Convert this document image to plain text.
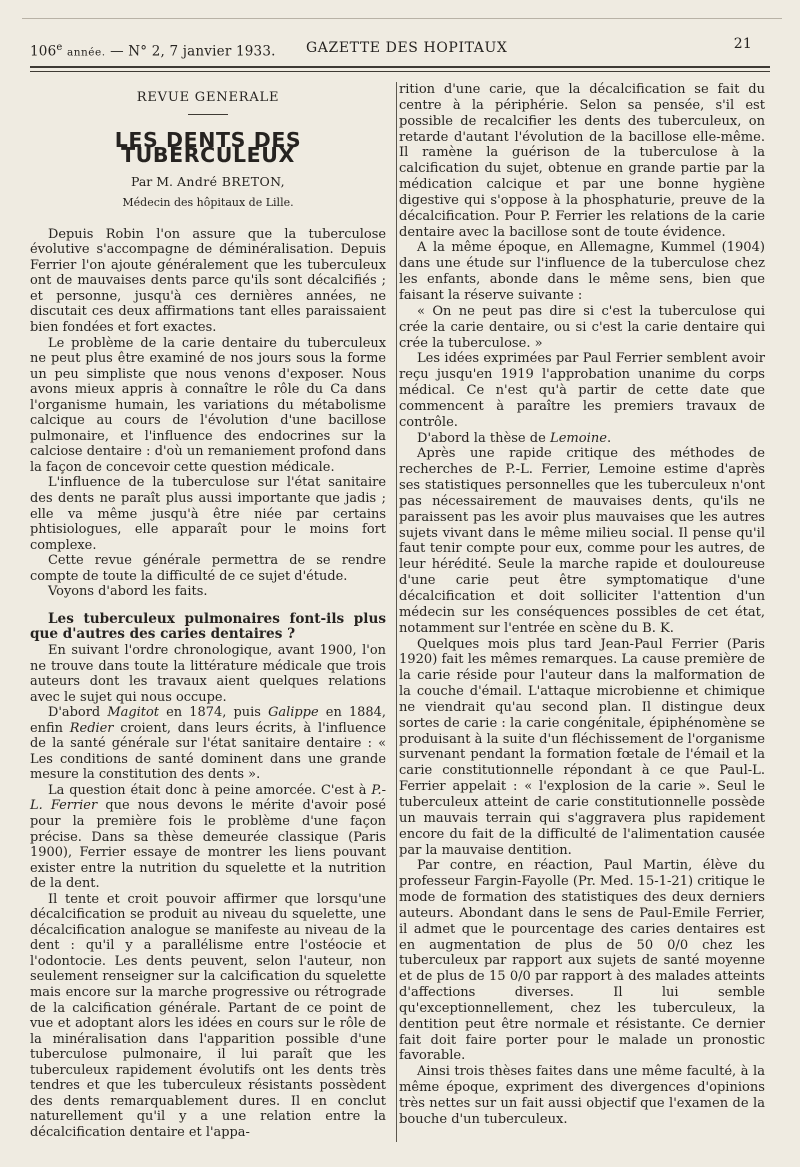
106e année. — N° 2, 7 janvier 1933. GAZETTE DES HOPITAUX	21
REVUE GENERALE
LES DENTS DES TUBERCULEUX
Par M. André BRETON,
Médecin des hôpitaux de Lille.

Depuis Robin l'on assure que la tuberculose évolutive s'accompagne de déminéralisation. Depuis Ferrier l'on ajoute généralement que les tuberculeux ont de mauvaises dents parce qu'ils sont décalcifiés ; et personne, jusqu'à ces dernières années, ne discutait ces deux affirmations tant elles paraissaient bien fondées et fort exactes.

Le problème de la carie dentaire du tuberculeux ne peut plus être examiné de nos jours sous la forme un peu simpliste que nous venons d'exposer. Nous avons mieux appris à connaître le rôle du Ca dans l'organisme humain, les variations du métabolisme calcique au cours de l'évolution d'une bacillose pulmonaire, et l'influence des endocrines sur la calciose dentaire : d'où un remaniement profond dans la façon de concevoir cette question médicale.

L'influence de la tuberculose sur l'état sanitaire des dents ne paraît plus aussi importante que jadis ; elle va même jusqu'à être niée par certains phtisiologues, elle apparaît pour le moins fort complexe.

Cette revue générale permettra de se rendre compte de toute la difficulté de ce sujet d'étude.

Voyons d'abord les faits.

Les tuberculeux pulmonaires font-ils plus que d'autres des caries dentaires ?

En suivant l'ordre chronologique, avant 1900, l'on ne trouve dans toute la littérature médicale que trois auteurs dont les travaux aient quelques relations avec le sujet qui nous occupe.

D'abord Magitot en 1874, puis Galippe en 1884, enfin Redier croient, dans leurs écrits, à l'influence de la santé générale sur l'état sanitaire dentaire : « Les conditions de santé dominent dans une grande mesure la constitution des dents ».

La question était donc à peine amorcée. C'est à P.-L. Ferrier que nous devons le mérite d'avoir posé pour la première fois le problème d'une façon précise. Dans sa thèse demeurée classique (Paris 1900), Ferrier essaye de montrer les liens pouvant exister entre la nutrition du squelette et la nutrition de la dent.

Il tente et croit pouvoir affirmer que lorsqu'une décalcification se produit au niveau du squelette, une décalcification analogue se manifeste au niveau de la dent : qu'il y a parallélisme entre l'ostéocie et l'odontocie. Les dents peuvent, selon l'auteur, non seulement renseigner sur la calcification du squelette mais encore sur la marche progressive ou rétrograde de la calcification générale. Partant de ce point de vue et adoptant alors les idées en cours sur le rôle de la minéralisation dans l'apparition possible d'une tuberculose pulmonaire, il lui paraît que les tuberculeux rapidement évolutifs ont les dents très tendres et que les tuberculeux résistants possèdent des dents remarquablement dures. Il en conclut naturellement qu'il y a une relation entre la décalcification dentaire et l'appa-

rition d'une carie, que la décalcification se fait du centre à la périphérie. Selon sa pensée, s'il est possible de recalcifier les dents des tuberculeux, on retarde d'autant l'évolution de la bacillose elle-même. Il ramène la guérison de la tuberculose à la calcification du sujet, obtenue en grande partie par la médication calcique et par une bonne hygiène digestive qui s'oppose à la phosphaturie, preuve de la décalcification. Pour P. Ferrier les relations de la carie dentaire avec la bacillose sont de toute évidence.

A la même époque, en Allemagne, Kummel (1904) dans une étude sur l'influence de la tuberculose chez les enfants, abonde dans le même sens, bien que faisant la réserve suivante :

« On ne peut pas dire si c'est la tuberculose qui crée la carie dentaire, ou si c'est la carie dentaire qui crée la tuberculose. »

Les idées exprimées par Paul Ferrier semblent avoir reçu jusqu'en 1919 l'approbation unanime du corps médical. Ce n'est qu'à partir de cette date que commencent à paraître les premiers travaux de contrôle.

D'abord la thèse de Lemoine.

Après une rapide critique des méthodes de recherches de P.-L. Ferrier, Lemoine estime d'après ses statistiques personnelles que les tuberculeux n'ont pas nécessairement de mauvaises dents, qu'ils ne paraissent pas les avoir plus mauvaises que les autres sujets vivant dans le même milieu social. Il pense qu'il faut tenir compte pour eux, comme pour les autres, de leur hérédité. Seule la marche rapide et douloureuse d'une carie peut être symptomatique d'une décalcification et doit solliciter l'attention d'un médecin sur les conséquences possibles de cet état, notamment sur l'entrée en scène du B. K.

Quelques mois plus tard Jean-Paul Ferrier (Paris 1920) fait les mêmes remarques. La cause première de la carie réside pour l'auteur dans la malformation de la couche d'émail. L'attaque microbienne et chimique ne viendrait qu'au second plan. Il distingue deux sortes de carie : la carie congénitale, épiphénomène se produisant à la suite d'un fléchissement de l'organisme survenant pendant la formation fœtale de l'émail et la carie constitutionnelle répondant à ce que Paul-L. Ferrier appelait : « l'explosion de la carie ». Seul le tuberculeux atteint de carie constitutionnelle possède un mauvais terrain qui s'aggravera plus rapidement encore du fait de la difficulté de l'alimentation causée par la mauvaise dentition.

Par contre, en réaction, Paul Martin, élève du professeur Fargin-Fayolle (Pr. Med. 15-1-21) critique le mode de formation des statistiques des deux derniers auteurs. Abondant dans le sens de Paul-Emile Ferrier, il admet que le pourcentage des caries dentaires est en augmentation de plus de 50 0/0 chez les tuberculeux par rapport aux sujets de santé moyenne et de plus de 15 0/0 par rapport à des malades atteints d'affections diverses. Il lui semble qu'exceptionnellement, chez les tuberculeux, la dentition peut être normale et résistante. Ce dernier fait doit faire porter pour le malade un pronostic favorable.

Ainsi trois thèses faites dans une même faculté, à la même époque, expriment des divergences d'opinions très nettes sur un fait aussi objectif que l'examen de la bouche d'un tuberculeux.
